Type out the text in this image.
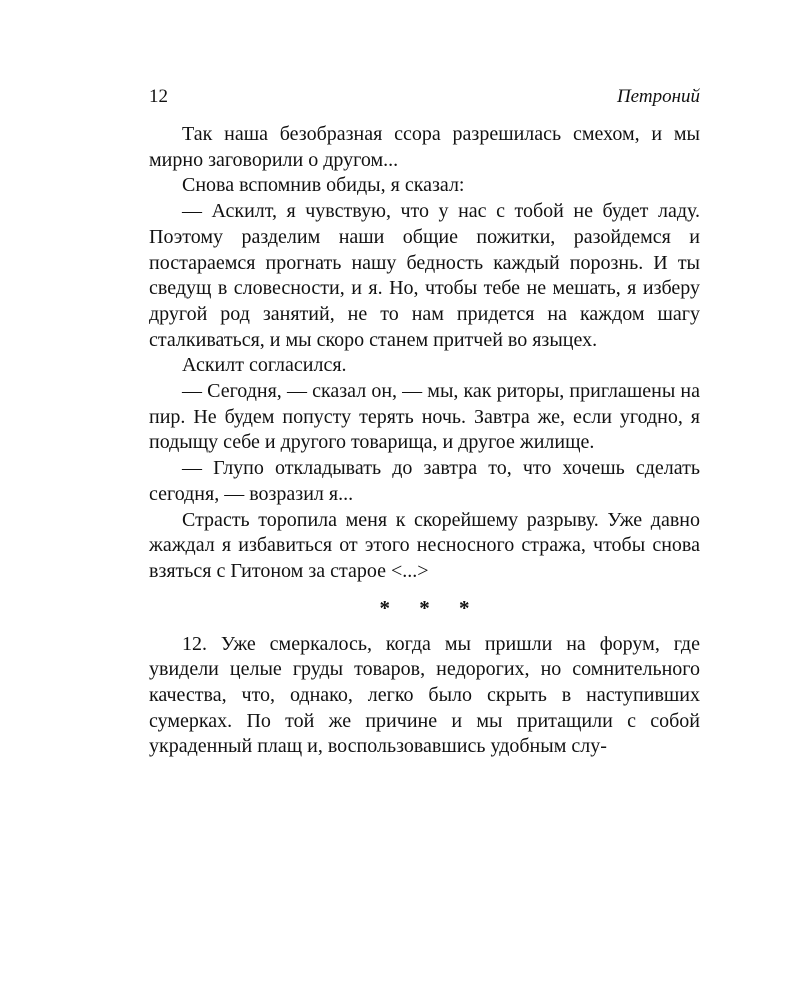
12	Петроний

Так наша безобразная ссора разрешилась смехом, и мы мирно заговорили о другом...

Снова вспомнив обиды, я сказал:

— Аскилт, я чувствую, что у нас с тобой не будет ладу. Поэтому разделим наши общие пожитки, разойдемся и постараемся прогнать нашу бедность каждый порознь. И ты сведущ в словесности, и я. Но, чтобы тебе не мешать, я изберу другой род занятий, не то нам придется на каждом шагу сталкиваться, и мы скоро станем притчей во языцех.

Аскилт согласился.

— Сегодня, — сказал он, — мы, как риторы, приглашены на пир. Не будем попусту терять ночь. Завтра же, если угодно, я подыщу себе и другого товарища, и другое жилище.

— Глупо откладывать до завтра то, что хочешь сделать сегодня, — возразил я...

Страсть торопила меня к скорейшему разрыву. Уже давно жаждал я избавиться от этого несносного стража, чтобы снова взяться с Гитоном за старое <...>

* * *

12. Уже смеркалось, когда мы пришли на форум, где увидели целые груды товаров, недорогих, но сомнительного качества, что, однако, легко было скрыть в наступивших сумерках. По той же причине и мы притащили с собой украденный плащ и, воспользовавшись удобным слу-
